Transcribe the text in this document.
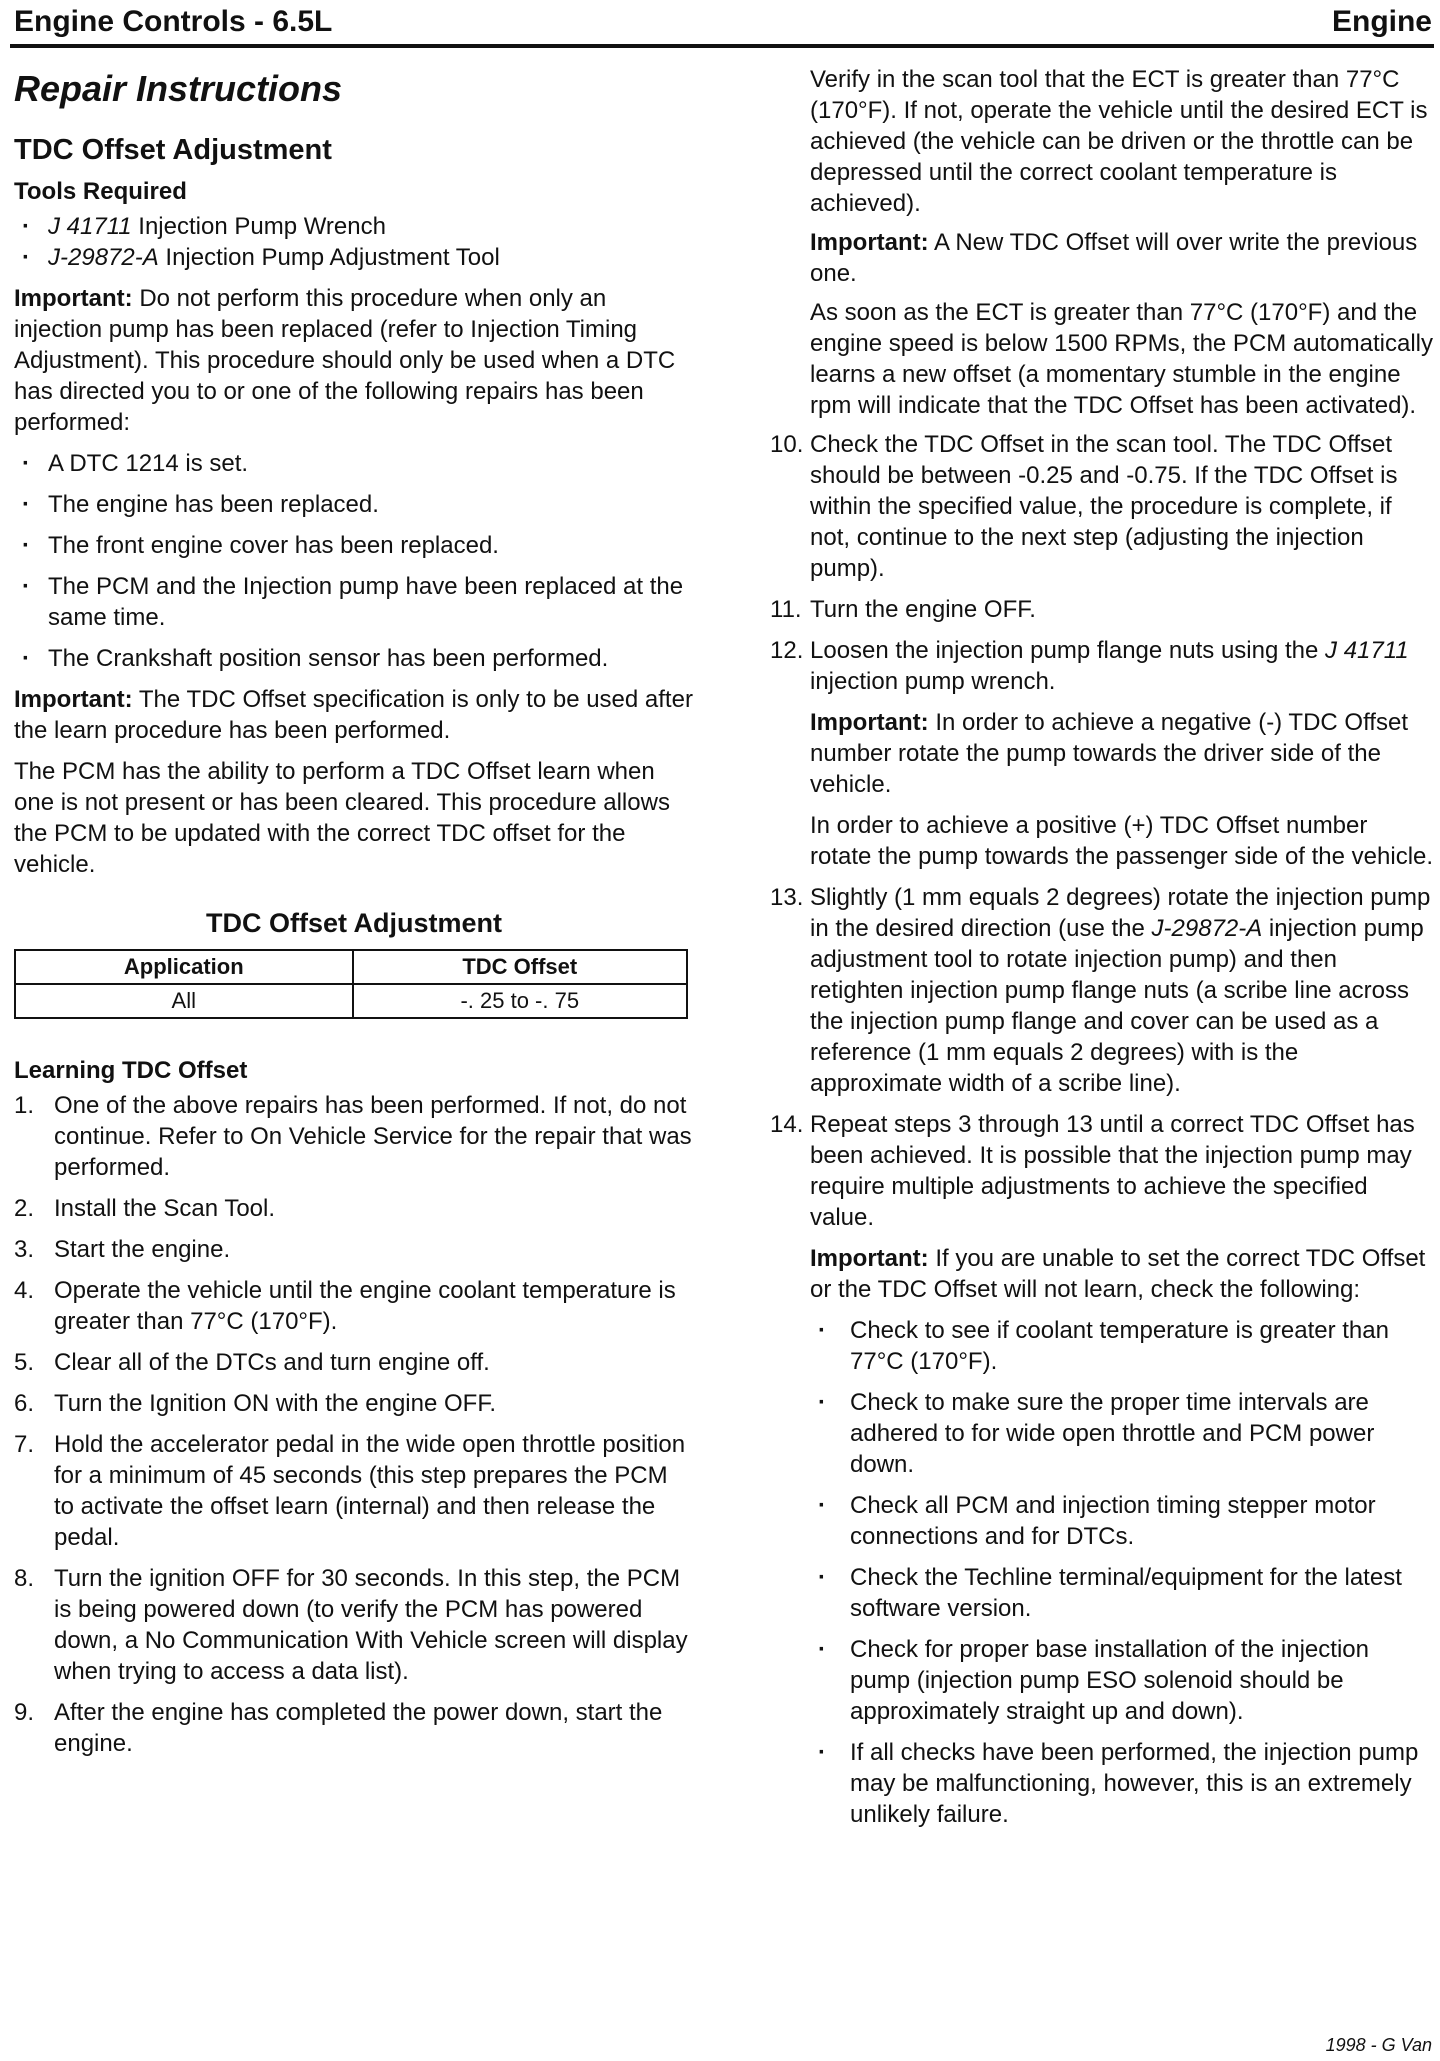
Engine Controls - 6.5L	Engine
Repair Instructions
TDC Offset Adjustment
Tools Required
· J 41711 Injection Pump Wrench
· J-29872-A Injection Pump Adjustment Tool

Important: Do not perform this procedure when only an injection pump has been replaced (refer to Injection Timing Adjustment). This procedure should only be used when a DTC has directed you to or one of the following repairs has been performed:

· A DTC 1214 is set.
· The engine has been replaced.
· The front engine cover has been replaced.
· The PCM and the Injection pump have been replaced at the same time.
· The Crankshaft position sensor has been performed.

Important: The TDC Offset specification is only to be used after the learn procedure has been performed.

The PCM has the ability to perform a TDC Offset learn when one is not present or has been cleared. This procedure allows the PCM to be updated with the correct TDC offset for the vehicle.

TDC Offset Adjustment
Application	TDC Offset
All	-. 25 to -. 75
Learning TDC Offset
1. One of the above repairs has been performed. If not, do not continue. Refer to On Vehicle Service for the repair that was performed.
2. Install the Scan Tool.
3. Start the engine.
4. Operate the vehicle until the engine coolant temperature is greater than 77°C (170°F).
5. Clear all of the DTCs and turn engine off.
6. Turn the Ignition ON with the engine OFF.
7. Hold the accelerator pedal in the wide open throttle position for a minimum of 45 seconds (this step prepares the PCM to activate the offset learn (internal) and then release the pedal.
8. Turn the ignition OFF for 30 seconds. In this step, the PCM is being powered down (to verify the PCM has powered down, a No Communication With Vehicle screen will display when trying to access a data list).
9. After the engine has completed the power down, start the engine.

Verify in the scan tool that the ECT is greater than 77°C (170°F). If not, operate the vehicle until the desired ECT is achieved (the vehicle can be driven or the throttle can be depressed until the correct coolant temperature is achieved).

Important: A New TDC Offset will over write the previous one.

As soon as the ECT is greater than 77°C (170°F) and the engine speed is below 1500 RPMs, the PCM automatically learns a new offset (a momentary stumble in the engine rpm will indicate that the TDC Offset has been activated).

10. Check the TDC Offset in the scan tool. The TDC Offset should be between -0.25 and -0.75. If the TDC Offset is within the specified value, the procedure is complete, if not, continue to the next step (adjusting the injection pump).
11. Turn the engine OFF.
12. Loosen the injection pump flange nuts using the J 41711 injection pump wrench.

Important: In order to achieve a negative (-) TDC Offset number rotate the pump towards the driver side of the vehicle.

In order to achieve a positive (+) TDC Offset number rotate the pump towards the passenger side of the vehicle.

13. Slightly (1 mm equals 2 degrees) rotate the injection pump in the desired direction (use the J-29872-A injection pump adjustment tool to rotate injection pump) and then retighten injection pump flange nuts (a scribe line across the injection pump flange and cover can be used as a reference (1 mm equals 2 degrees) with is the approximate width of a scribe line).
14. Repeat steps 3 through 13 until a correct TDC Offset has been achieved. It is possible that the injection pump may require multiple adjustments to achieve the specified value.

Important: If you are unable to set the correct TDC Offset or the TDC Offset will not learn, check the following:

· Check to see if coolant temperature is greater than 77°C (170°F).
· Check to make sure the proper time intervals are adhered to for wide open throttle and PCM power down.
· Check all PCM and injection timing stepper motor connections and for DTCs.
· Check the Techline terminal/equipment for the latest software version.
· Check for proper base installation of the injection pump (injection pump ESO solenoid should be approximately straight up and down).
· If all checks have been performed, the injection pump may be malfunctioning, however, this is an extremely unlikely failure.
1998 - G Van
